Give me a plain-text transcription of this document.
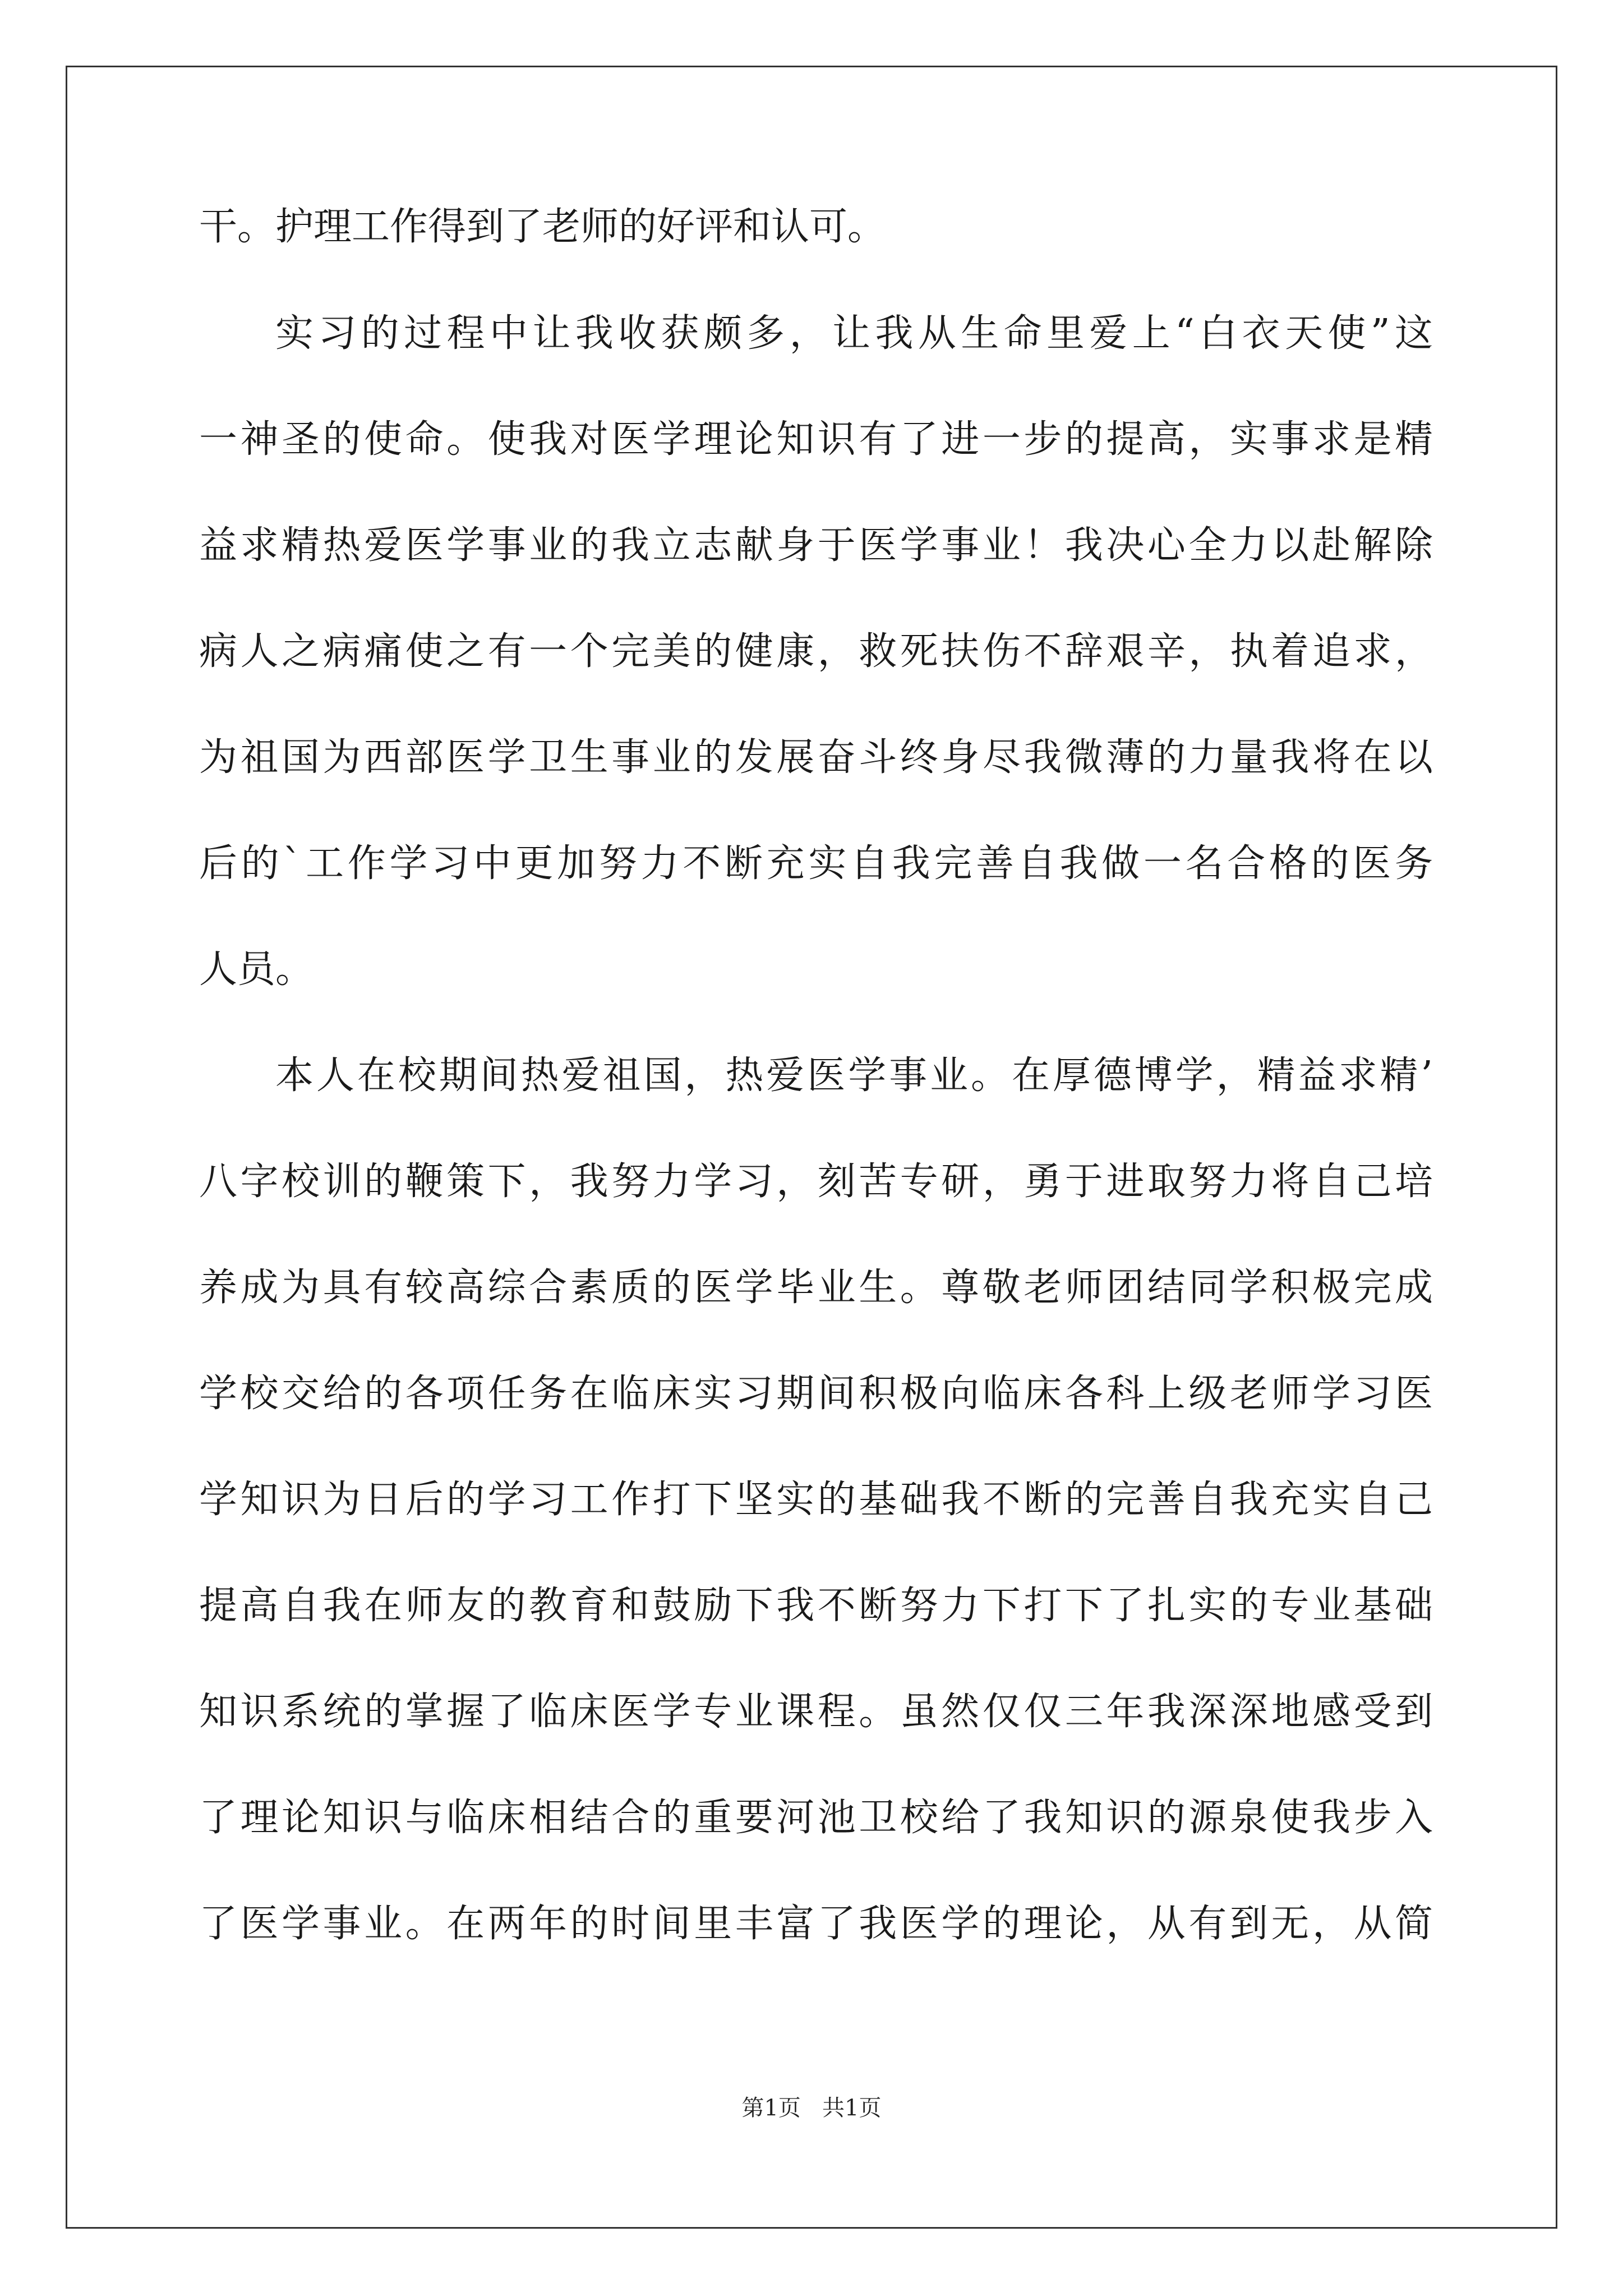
干。护理工作得到了老师的好评和认可。
实习的过程中让我收获颇多，让我从生命里爱上“白衣天使”这
一神圣的使命。使我对医学理论知识有了进一步的提高，实事求是精
益求精热爱医学事业的我立志献身于医学事业！我决心全力以赴解除
病人之病痛使之有一个完美的健康，救死扶伤不辞艰辛，执着追求，
为祖国为西部医学卫生事业的发展奋斗终身尽我微薄的力量我将在以
后的`工作学习中更加努力不断充实自我完善自我做一名合格的医务
人员。
本人在校期间热爱祖国，热爱医学事业。在厚德博学，精益求精’
八字校训的鞭策下，我努力学习，刻苦专研，勇于进取努力将自己培
养成为具有较高综合素质的医学毕业生。尊敬老师团结同学积极完成
学校交给的各项任务在临床实习期间积极向临床各科上级老师学习医
学知识为日后的学习工作打下坚实的基础我不断的完善自我充实自己
提高自我在师友的教育和鼓励下我不断努力下打下了扎实的专业基础
知识系统的掌握了临床医学专业课程。虽然仅仅三年我深深地感受到
了理论知识与临床相结合的重要河池卫校给了我知识的源泉使我步入
了医学事业。在两年的时间里丰富了我医学的理论，从有到无，从简
第1页   共1页
